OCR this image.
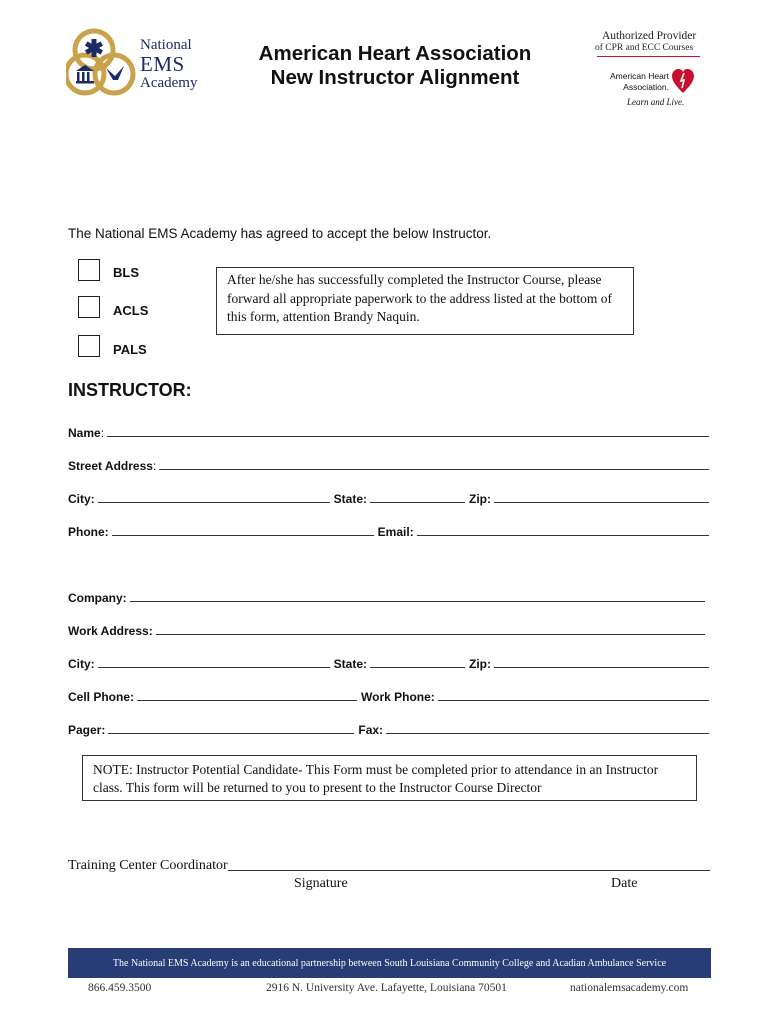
National
EMS
Academy
American Heart Association
New Instructor Alignment
Authorized Provider
of CPR and ECC Courses
American Heart
Association.
Learn and Live.
The National EMS Academy has agreed to accept the below Instructor.
BLS
ACLS
PALS
After he/she has successfully completed the Instructor Course, please forward all appropriate paperwork to the address listed at the bottom of this form, attention Brandy Naquin.
INSTRUCTOR:
Name :
Street Address :
City:	State:	Zip:
Phone:	Email:
Company:
Work Address:
City:	State:	Zip:
Cell Phone:	Work Phone:
Pager:	Fax:
NOTE: Instructor Potential Candidate- This Form must be completed prior to attendance in an Instructor class. This form will be returned to you to present to the Instructor Course Director
Training Center Coordinator
Signature	Date
The National EMS Academy is an educational partnership between South Louisiana Community College and Acadian Ambulance Service
866.459.3500	2916 N. University Ave. Lafayette, Louisiana 70501	nationalemsacademy.com
